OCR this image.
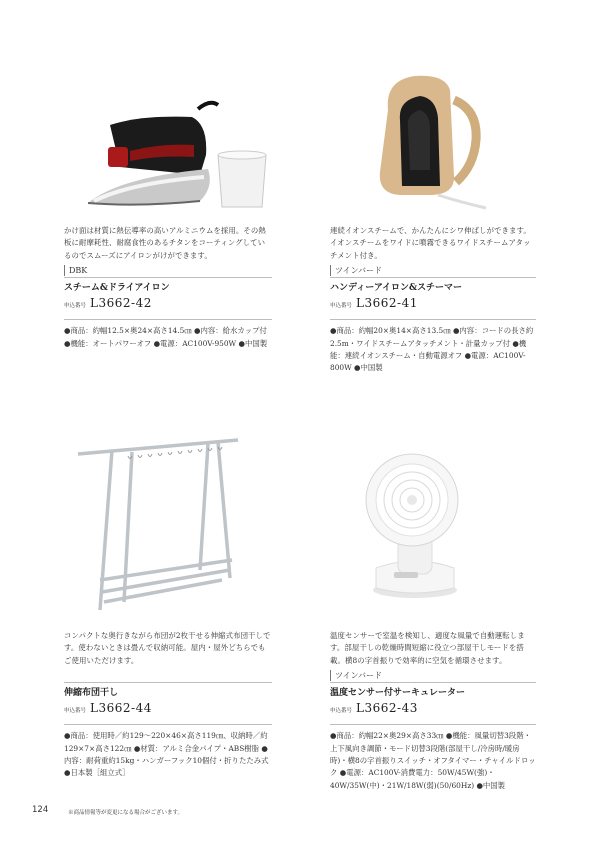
かけ面は材質に熱伝導率の高いアルミニウムを採用。その熱板に耐摩耗性、耐腐食性のあるチタンをコーティングしているのでスムーズにアイロンがけができます。

DBK
スチーム&ドライアイロン
申込番号 L3662-42

●商品：約幅12.5×奥24×高さ14.5㎝ ●内容：給水カップ付 ●機能：オートパワーオフ ●電源：AC100V-950W ●中国製

連続イオンスチームで、かんたんにシワ伸ばしができます。イオンスチームをワイドに噴霧できるワイドスチームアタッチメント付き。

ツインバード
ハンディーアイロン&スチーマー
申込番号 L3662-41

●商品：約幅20×奥14×高さ13.5㎝ ●内容：コードの長さ約2.5m・ワイドスチームアタッチメント・計量カップ付 ●機能：連続イオンスチーム・自動電源オフ ●電源：AC100V-800W ●中国製

コンパクトな奥行きながら布団が2枚干せる伸縮式布団干しです。使わないときは畳んで収納可能。屋内・屋外どちらでもご使用いただけます。

伸縮布団干し
申込番号 L3662-44

●商品：使用時／約129〜220×46×高さ119㎝、収納時／約129×7×高さ122㎝ ●材質：アルミ合金パイプ・ABS樹脂 ●内容：耐荷重約15kg・ハンガーフック10個付・折りたたみ式 ●日本製［組立式］

温度センサーで室温を検知し、適度な風量で自動運転します。部屋干しの乾燥時間短縮に役立つ部屋干しモードを搭載。横8の字首振りで効率的に空気を循環させます。

ツインバード
温度センサー付サーキュレーター
申込番号 L3662-43

●商品：約幅22×奥29×高さ33㎝ ●機能：風量切替3段階・上下風向き調節・モード切替3段階(部屋干し/冷房時/暖房時)・横8の字首振りスイッチ・オフタイマー・チャイルドロック ●電源：AC100V-消費電力：50W/45W(強)・40W/35W(中)・21W/18W(弱)(50/60Hz) ●中国製

124	※商品情報等が変更になる場合がございます。
